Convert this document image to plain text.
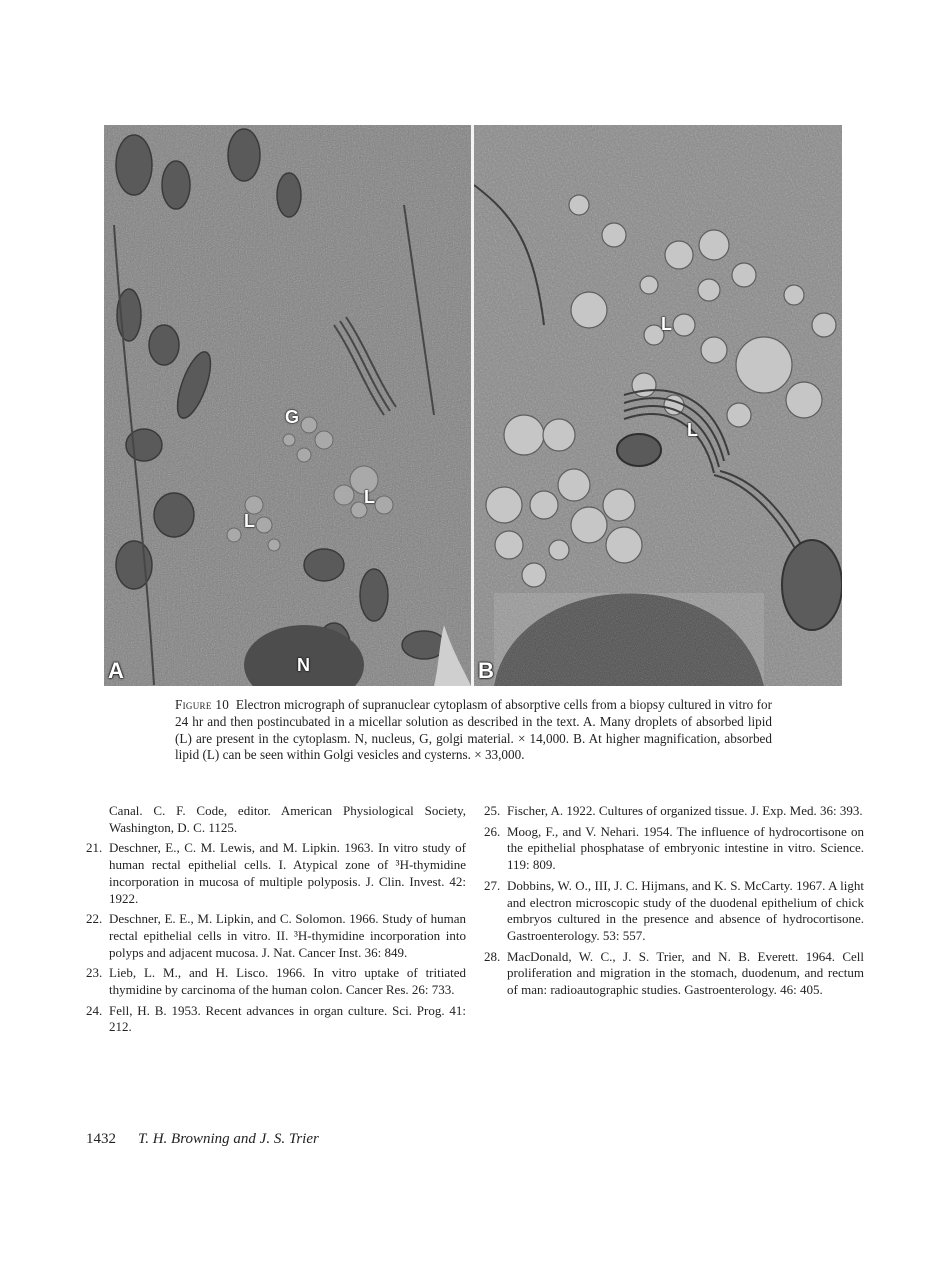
G
L
L
N
A
L
L
B
Figure 10 Electron micrograph of supranuclear cytoplasm of absorptive cells from a biopsy cultured in vitro for 24 hr and then postincubated in a micellar solution as described in the text. A. Many droplets of absorbed lipid (L) are present in the cytoplasm. N, nucleus, G, golgi material. × 14,000. B. At higher magnification, absorbed lipid (L) can be seen within Golgi vesicles and cysterns. × 33,000.
Canal. C. F. Code, editor. American Physiological Society, Washington, D. C. 1125.
21. Deschner, E., C. M. Lewis, and M. Lipkin. 1963. In vitro study of human rectal epithelial cells. I. Atypical zone of ³H-thymidine incorporation in mucosa of multiple polyposis. J. Clin. Invest. 42: 1922.
22. Deschner, E. E., M. Lipkin, and C. Solomon. 1966. Study of human rectal epithelial cells in vitro. II. ³H-thymidine incorporation into polyps and adjacent mucosa. J. Nat. Cancer Inst. 36: 849.
23. Lieb, L. M., and H. Lisco. 1966. In vitro uptake of tritiated thymidine by carcinoma of the human colon. Cancer Res. 26: 733.
24. Fell, H. B. 1953. Recent advances in organ culture. Sci. Prog. 41: 212.
25. Fischer, A. 1922. Cultures of organized tissue. J. Exp. Med. 36: 393.
26. Moog, F., and V. Nehari. 1954. The influence of hydrocortisone on the epithelial phosphatase of embryonic intestine in vitro. Science. 119: 809.
27. Dobbins, W. O., III, J. C. Hijmans, and K. S. McCarty. 1967. A light and electron microscopic study of the duodenal epithelium of chick embryos cultured in the presence and absence of hydrocortisone. Gastroenterology. 53: 557.
28. MacDonald, W. C., J. S. Trier, and N. B. Everett. 1964. Cell proliferation and migration in the stomach, duodenum, and rectum of man: radioautographic studies. Gastroenterology. 46: 405.
1432 T. H. Browning and J. S. Trier
